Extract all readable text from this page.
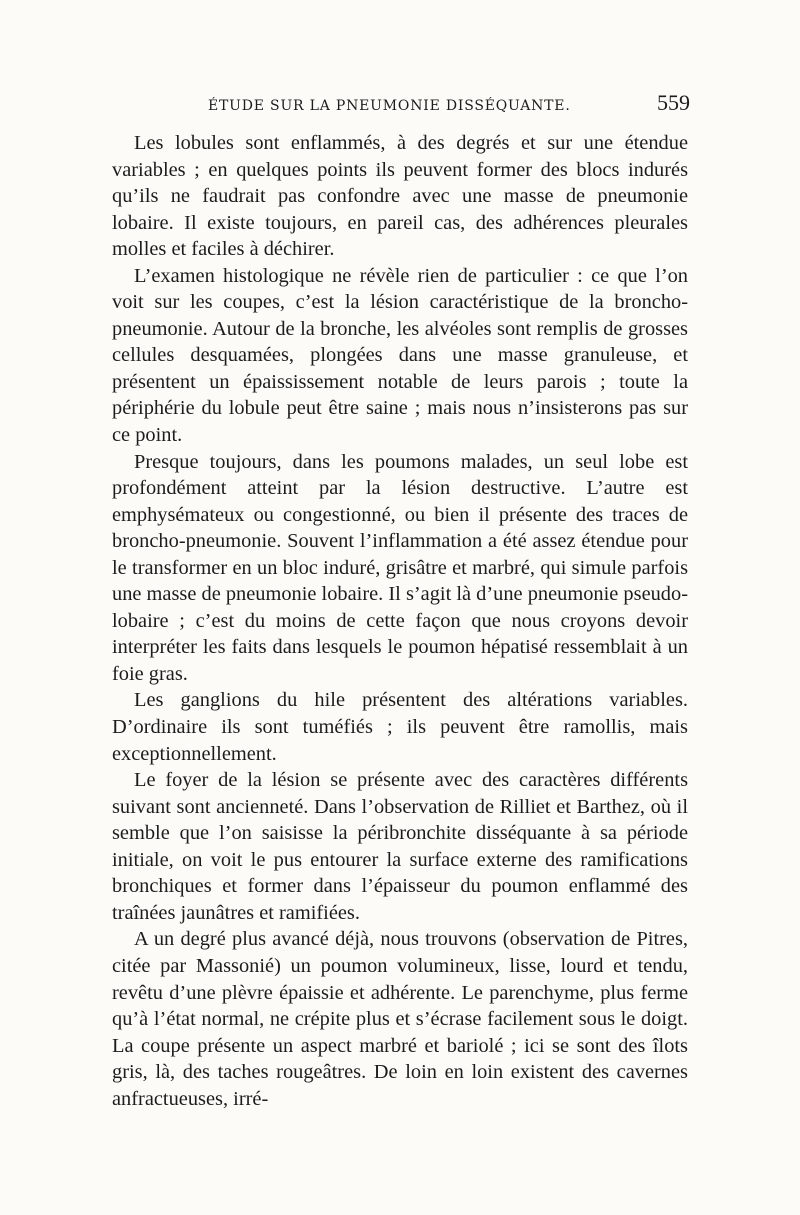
ÉTUDE SUR LA PNEUMONIE DISSÉQUANTE.	559

Les lobules sont enflammés, à des degrés et sur une étendue variables ; en quelques points ils peuvent former des blocs indurés qu’ils ne faudrait pas confondre avec une masse de pneumonie lobaire. Il existe toujours, en pareil cas, des adhérences pleurales molles et faciles à déchirer.

L’examen histologique ne révèle rien de particulier : ce que l’on voit sur les coupes, c’est la lésion caractéristique de la broncho-pneumonie. Autour de la bronche, les alvéoles sont remplis de grosses cellules desquamées, plongées dans une masse granuleuse, et présentent un épaississement notable de leurs parois ; toute la périphérie du lobule peut être saine ; mais nous n’insisterons pas sur ce point.

Presque toujours, dans les poumons malades, un seul lobe est profondément atteint par la lésion destructive. L’autre est emphysémateux ou congestionné, ou bien il présente des traces de broncho-pneumonie. Souvent l’inflammation a été assez étendue pour le transformer en un bloc induré, grisâtre et marbré, qui simule parfois une masse de pneumonie lobaire. Il s’agit là d’une pneumonie pseudo-lobaire ; c’est du moins de cette façon que nous croyons devoir interpréter les faits dans lesquels le poumon hépatisé ressemblait à un foie gras.

Les ganglions du hile présentent des altérations variables. D’ordinaire ils sont tuméfiés ; ils peuvent être ramollis, mais exceptionnellement.

Le foyer de la lésion se présente avec des caractères différents suivant sont ancienneté. Dans l’observation de Rilliet et Barthez, où il semble que l’on saisisse la péribronchite disséquante à sa période initiale, on voit le pus entourer la surface externe des ramifications bronchiques et former dans l’épaisseur du poumon enflammé des traînées jaunâtres et ramifiées.

A un degré plus avancé déjà, nous trouvons (observation de Pitres, citée par Massonié) un poumon volumineux, lisse, lourd et tendu, revêtu d’une plèvre épaissie et adhérente. Le parenchyme, plus ferme qu’à l’état normal, ne crépite plus et s’écrase facilement sous le doigt. La coupe présente un aspect marbré et bariolé ; ici se sont des îlots gris, là, des taches rougeâtres. De loin en loin existent des cavernes anfractueuses, irré-
